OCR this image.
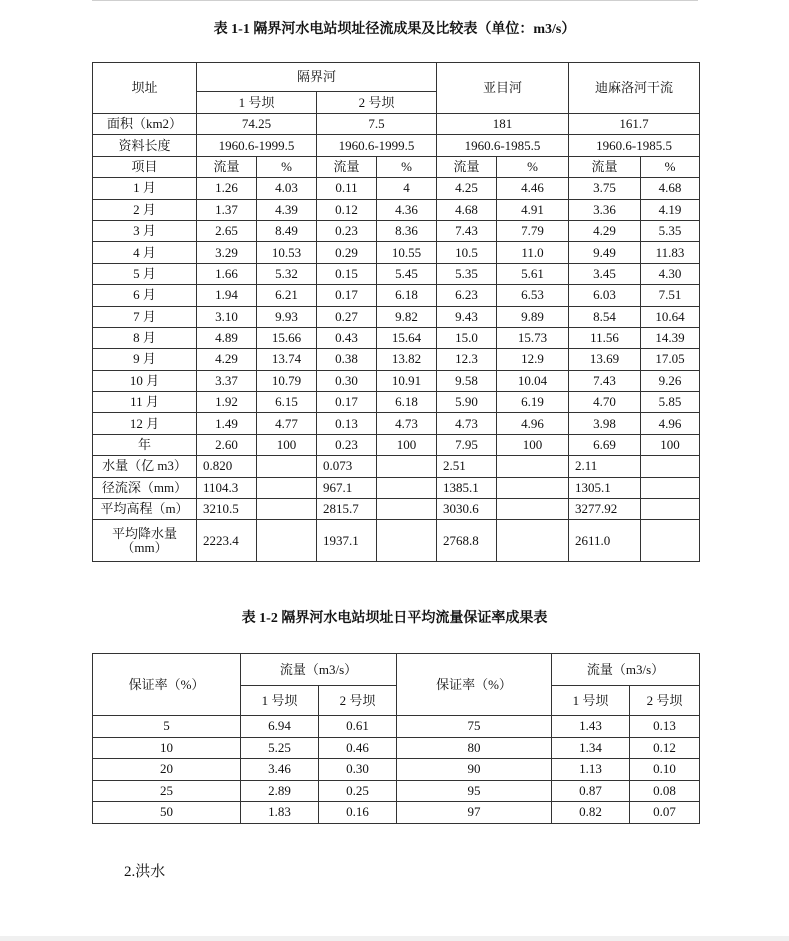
表 1-1 隔界河水电站坝址径流成果及比较表（单位：m3/s）
坝址	隔界河				亚目河		迪麻洛河干流	
	1 号坝		2 号坝					
面积（km2）	74.25		7.5		181		161.7	
资料长度	1960.6-1999.5		1960.6-1999.5		1960.6-1985.5		1960.6-1985.5	
项目	流量	%	流量	%	流量	%	流量	%
1 月	1.26	4.03	0.11	4	4.25	4.46	3.75	4.68
2 月	1.37	4.39	0.12	4.36	4.68	4.91	3.36	4.19
3 月	2.65	8.49	0.23	8.36	7.43	7.79	4.29	5.35
4 月	3.29	10.53	0.29	10.55	10.5	11.0	9.49	11.83
5 月	1.66	5.32	0.15	5.45	5.35	5.61	3.45	4.30
6 月	1.94	6.21	0.17	6.18	6.23	6.53	6.03	7.51
7 月	3.10	9.93	0.27	9.82	9.43	9.89	8.54	10.64
8 月	4.89	15.66	0.43	15.64	15.0	15.73	11.56	14.39
9 月	4.29	13.74	0.38	13.82	12.3	12.9	13.69	17.05
10 月	3.37	10.79	0.30	10.91	9.58	10.04	7.43	9.26
11 月	1.92	6.15	0.17	6.18	5.90	6.19	4.70	5.85
12 月	1.49	4.77	0.13	4.73	4.73	4.96	3.98	4.96
年	2.60	100	0.23	100	7.95	100	6.69	100
水量（亿 m3）	0.820		0.073		2.51		2.11	
径流深（mm）	1104.3		967.1		1385.1		1305.1	
平均高程（m）	3210.5		2815.7		3030.6		3277.92	
平均降水量（mm）	2223.4		1937.1		2768.8		2611.0	
表 1-2 隔界河水电站坝址日平均流量保证率成果表
保证率（%）	流量（m3/s）		保证率（%）	流量（m3/s）	
	1 号坝	2 号坝		1 号坝	2 号坝
5	6.94	0.61	75	1.43	0.13
10	5.25	0.46	80	1.34	0.12
20	3.46	0.30	90	1.13	0.10
25	2.89	0.25	95	0.87	0.08
50	1.83	0.16	97	0.82	0.07
2.洪水
